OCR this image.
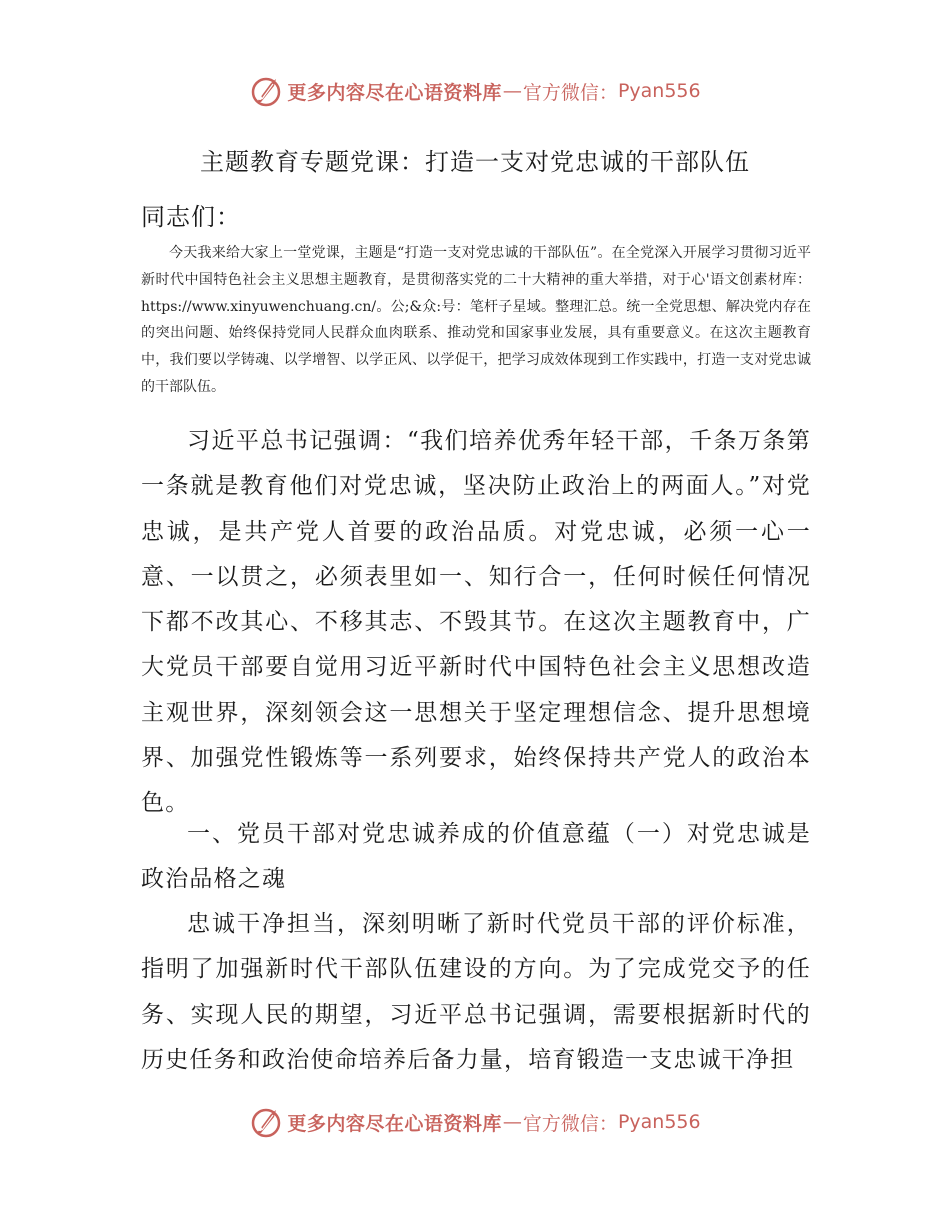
更多内容尽在心语资料库 — 官方微信： Pyan556
主题教育专题党课：打造一支对党忠诚的干部队伍
同志们：
今天我来给大家上一堂党课，主题是“打造一支对党忠诚的干部队伍”。在全党深入开展学习贯彻习近平新时代中国特色社会主义思想主题教育，是贯彻落实党的二十大精神的重大举措，对于心'语文创素材库：https://www.xinyuwenchuang.cn/。公;&众:号：笔杆子星域。整理汇总。统一全党思想、解决党内存在的突出问题、始终保持党同人民群众血肉联系、推动党和国家事业发展，具有重要意义。在这次主题教育中，我们要以学铸魂、以学增智、以学正风、以学促干，把学习成效体现到工作实践中，打造一支对党忠诚的干部队伍。
习近平总书记强调：“我们培养优秀年轻干部，千条万条第一条就是教育他们对党忠诚，坚决防止政治上的两面人。”对党忠诚，是共产党人首要的政治品质。对党忠诚，必须一心一意、一以贯之，必须表里如一、知行合一，任何时候任何情况下都不改其心、不移其志、不毁其节。在这次主题教育中，广大党员干部要自觉用习近平新时代中国特色社会主义思想改造主观世界，深刻领会这一思想关于坚定理想信念、提升思想境界、加强党性锻炼等一系列要求，始终保持共产党人的政治本色。
一、党员干部对党忠诚养成的价值意蕴（一）对党忠诚是政治品格之魂
忠诚干净担当，深刻明晰了新时代党员干部的评价标准，指明了加强新时代干部队伍建设的方向。为了完成党交予的任务、实现人民的期望，习近平总书记强调，需要根据新时代的历史任务和政治使命培养后备力量，培育锻造一支忠诚干净担
更多内容尽在心语资料库 — 官方微信： Pyan556
